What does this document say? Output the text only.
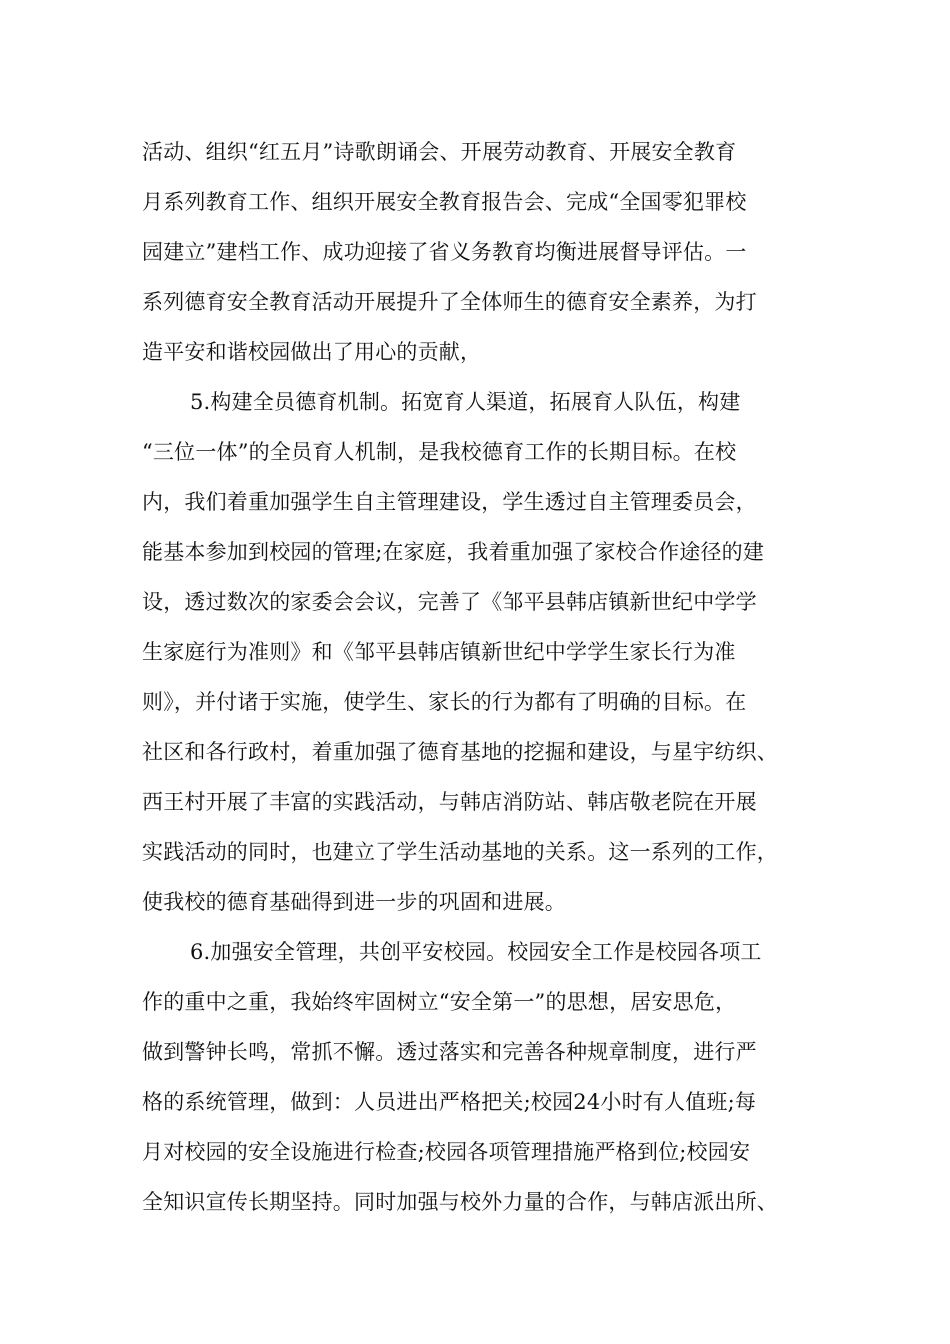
活动、组织“红五月”诗歌朗诵会、开展劳动教育、开展安全教育
月系列教育工作、组织开展安全教育报告会、完成“全国零犯罪校
园建立”建档工作、成功迎接了省义务教育均衡进展督导评估。一
系列德育安全教育活动开展提升了全体师生的德育安全素养，为打
造平安和谐校园做出了用心的贡献，
5.构建全员德育机制。拓宽育人渠道，拓展育人队伍，构建
“三位一体”的全员育人机制，是我校德育工作的长期目标。在校
内，我们着重加强学生自主管理建设，学生透过自主管理委员会，
能基本参加到校园的管理;在家庭，我着重加强了家校合作途径的建
设，透过数次的家委会会议，完善了《邹平县韩店镇新世纪中学学
生家庭行为准则》和《邹平县韩店镇新世纪中学学生家长行为准
则》，并付诸于实施，使学生、家长的行为都有了明确的目标。在
社区和各行政村，着重加强了德育基地的挖掘和建设，与星宇纺织、
西王村开展了丰富的实践活动，与韩店消防站、韩店敬老院在开展
实践活动的同时，也建立了学生活动基地的关系。这一系列的工作，
使我校的德育基础得到进一步的巩固和进展。
6.加强安全管理，共创平安校园。校园安全工作是校园各项工
作的重中之重，我始终牢固树立“安全第一”的思想，居安思危，
做到警钟长鸣，常抓不懈。透过落实和完善各种规章制度，进行严
格的系统管理，做到：人员进出严格把关;校园24小时有人值班;每
月对校园的安全设施进行检查;校园各项管理措施严格到位;校园安
全知识宣传长期坚持。同时加强与校外力量的合作，与韩店派出所、
